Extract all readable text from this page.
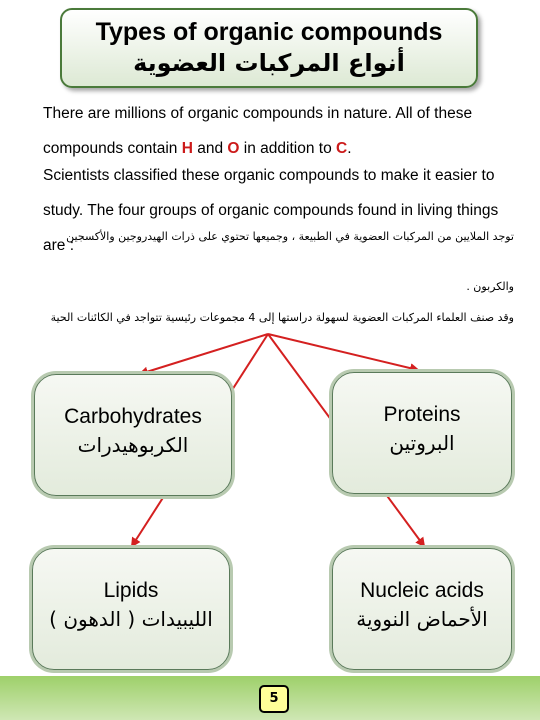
Types of organic compounds
أنواع المركبات العضوية

There are millions of organic compounds in nature. All of these compounds contain H and O in addition to C.

Scientists classified these organic compounds to make it easier to study. The four groups of organic compounds found in living things are :

توجد الملايين من المركبات العضوية في الطبيعة ، وجميعها تحتوي على ذرات الهيدروجين والأكسجين

والكربون .

وقد صنف العلماء المركبات العضوية لسهولة دراستها إلى 4 مجموعات رئيسية تتواجد في الكائنات الحية

Carbohydrates
الكربوهيدرات
Proteins
البروتين
Lipids
الليبيدات ( الدهون )
Nucleic acids
الأحماض النووية
5
